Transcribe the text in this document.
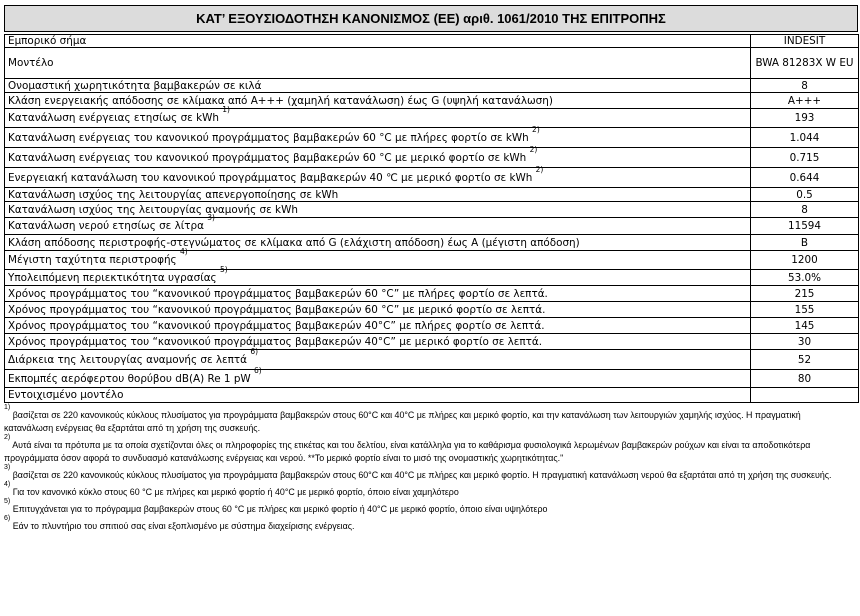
ΚΑΤ’ ΕΞΟΥΣΙΟΔΟΤΗΣΗ ΚΑΝΟΝΙΣΜΟΣ (ΕΕ) αριθ. 1061/2010 ΤΗΣ ΕΠΙΤΡΟΠΗΣ
Εμπορικό σήμα	INDESIT
Μοντέλο	BWA 81283X W EU
Ονομαστική χωρητικότητα βαμβακερών σε κιλά	8
Κλάση ενεργειακής απόδοσης σε κλίμακα από A+++ (χαμηλή κατανάλωση) έως G (υψηλή κατανάλωση)	A+++
Κατανάλωση ενέργειας ετησίως σε kWh $^{1)}$	193
Κατανάλωση ενέργειας του κανονικού προγράμματος βαμβακερών 60 °C με πλήρες φορτίο σε kWh $^{2)}$	1.044
Κατανάλωση ενέργειας του κανονικού προγράμματος βαμβακερών 60 °C με μερικό φορτίο σε kWh $^{2)}$	0.715
Ενεργειακή κατανάλωση του κανονικού προγράμματος βαμβακερών 40 ℃ με μερικό φορτίο σε kWh $^{2)}$	0.644
Κατανάλωση ισχύος της λειτουργίας απενεργοποίησης σε kWh	0.5
Κατανάλωση ισχύος της λειτουργίας αναμονής σε kWh	8
Κατανάλωση νερού ετησίως σε λίτρα $^{3)}$	11594
Κλάση απόδοσης περιστροφής-στεγνώματος σε κλίμακα από G (ελάχιστη απόδοση) έως A (μέγιστη απόδοση)	B
Μέγιστη ταχύτητα περιστροφής $^{4)}$	1200
Υπολειπόμενη περιεκτικότητα υγρασίας $^{5)}$	53.0%
Χρόνος προγράμματος του “κανονικού προγράμματος βαμβακερών 60 °C” με πλήρες φορτίο σε λεπτά.	215
Χρόνος προγράμματος του “κανονικού προγράμματος βαμβακερών 60 °C” με μερικό φορτίο σε λεπτά.	155
Χρόνος προγράμματος του “κανονικού προγράμματος βαμβακερών 40°C” με πλήρες φορτίο σε λεπτά.	145
Χρόνος προγράμματος του “κανονικού προγράμματος βαμβακερών 40°C” με μερικό φορτίο σε λεπτά.	30
Διάρκεια της λειτουργίας αναμονής σε λεπτά $^{6)}$	52
Εκπομπές αερόφερτου θορύβου dB(A) Re 1 pW $^{6)}$	80
Εντοιχισμένο μοντέλο	
$^{1)}$ βασίζεται σε 220 κανονικούς κύκλους πλυσίματος για προγράμματα βαμβακερών στους 60°C και 40°C με πλήρες και μερικό φορτίο, και την κατανάλωση των λειτουργιών χαμηλής ισχύος. Η πραγματική κατανάλωση ενέργειας θα εξαρτάται από τη χρήση της συσκευής.
$^{2)}$ Αυτά είναι τα πρότυπα με τα οποία σχετίζονται όλες οι πληροφορίες της ετικέτας και του δελτίου, είναι κατάλληλα για το καθάρισμα φυσιολογικά λερωμένων βαμβακερών ρούχων και είναι τα αποδοτικότερα προγράμματα όσον αφορά το συνδυασμό κατανάλωσης ενέργειας και νερού. **Το μερικό φορτίο είναι το μισό της ονομαστικής χωρητικότητας."
$^{3)}$ βασίζεται σε 220 κανονικούς κύκλους πλυσίματος για προγράμματα βαμβακερών στους 60°C και 40°C με πλήρες και μερικό φορτίο. Η πραγματική κατανάλωση νερού θα εξαρτάται από τη χρήση της συσκευής.
$^{4)}$ Για τον κανονικό κύκλο στους 60 °C με πλήρες και μερικό φορτίο ή 40°C με μερικό φορτίο, όποιο είναι χαμηλότερο
$^{5)}$ Επιτυγχάνεται για το πρόγραμμα βαμβακερών στους 60 °C με πλήρες και μερικό φορτίο ή 40°C με μερικό φορτίο, όποιο είναι υψηλότερο
$^{6)}$ Εάν το πλυντήριο του σπιτιού σας είναι εξοπλισμένο με σύστημα διαχείρισης ενέργειας.
